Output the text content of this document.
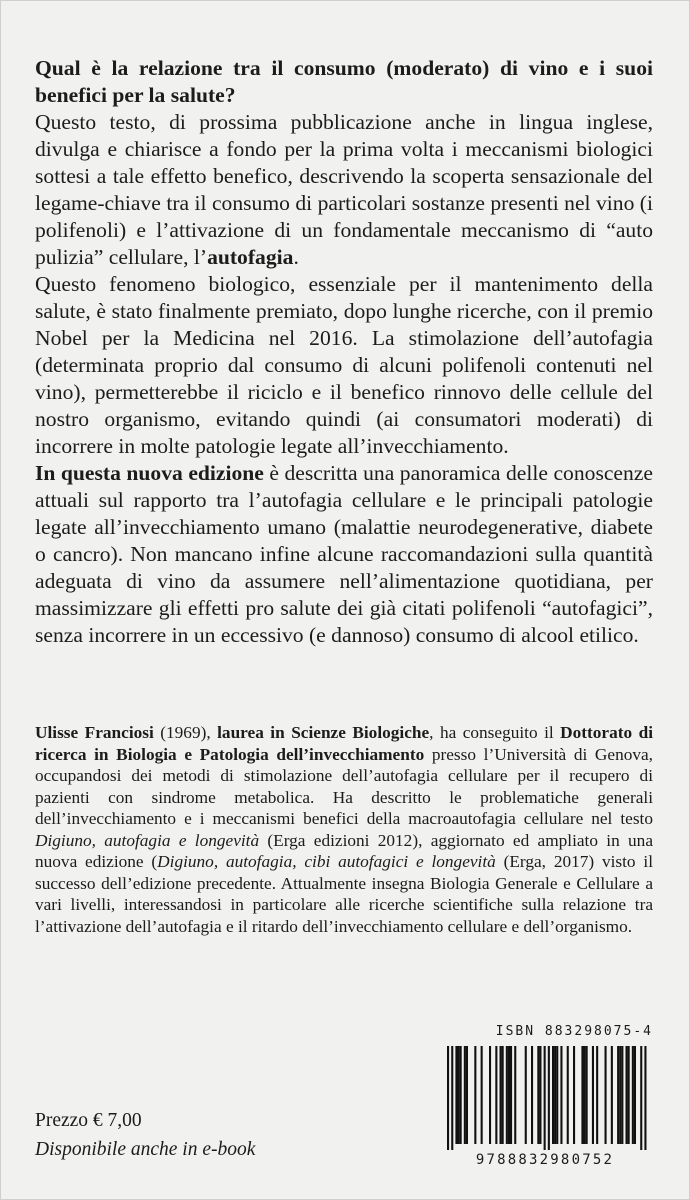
Qual è la relazione tra il consumo (moderato) di vino e i suoi benefici per la salute?

Questo testo, di prossima pubblicazione anche in lingua inglese, divulga e chiarisce a fondo per la prima volta i meccanismi biologici sottesi a tale effetto benefico, descrivendo la scoperta sensazionale del legame-chiave tra il consumo di particolari sostanze presenti nel vino (i polifenoli) e l’attivazione di un fondamentale meccanismo di “auto pulizia” cellulare, l’autofagia.

Questo fenomeno biologico, essenziale per il mantenimento della salute, è stato finalmente premiato, dopo lunghe ricerche, con il premio Nobel per la Medicina nel 2016. La stimolazione dell’autofagia (determinata proprio dal consumo di alcuni polifenoli contenuti nel vino), permetterebbe il riciclo e il benefico rinnovo delle cellule del nostro organismo, evitando quindi (ai consumatori moderati) di incorrere in molte patologie legate all’invecchiamento.

In questa nuova edizione è descritta una panoramica delle conoscenze attuali sul rapporto tra l’autofagia cellulare e le principali patologie legate all’invecchiamento umano (malattie neurodegenerative, diabete o cancro). Non mancano infine alcune raccomandazioni sulla quantità adeguata di vino da assumere nell’alimentazione quotidiana, per massimizzare gli effetti pro salute dei già citati polifenoli “autofagici”, senza incorrere in un eccessivo (e dannoso) consumo di alcool etilico.

Ulisse Franciosi (1969), laurea in Scienze Biologiche, ha conseguito il Dottorato di ricerca in Biologia e Patologia dell’invecchiamento presso l’Università di Genova, occupandosi dei metodi di stimolazione dell’autofagia cellulare per il recupero di pazienti con sindrome metabolica. Ha descritto le problematiche generali dell’invecchiamento e i meccanismi benefici della macroautofagia cellulare nel testo Digiuno, autofagia e longevità (Erga edizioni 2012), aggiornato ed ampliato in una nuova edizione (Digiuno, autofagia, cibi autofagici e longevità (Erga, 2017) visto il successo dell’edizione precedente. Attualmente insegna Biologia Generale e Cellulare a vari livelli, interessandosi in particolare alle ricerche scientifiche sulla relazione tra l’attivazione dell’autofagia e il ritardo dell’invecchiamento cellulare e dell’organismo.

ISBN 883298075-4
9788832980752
Prezzo € 7,00
Disponibile anche in e-book
